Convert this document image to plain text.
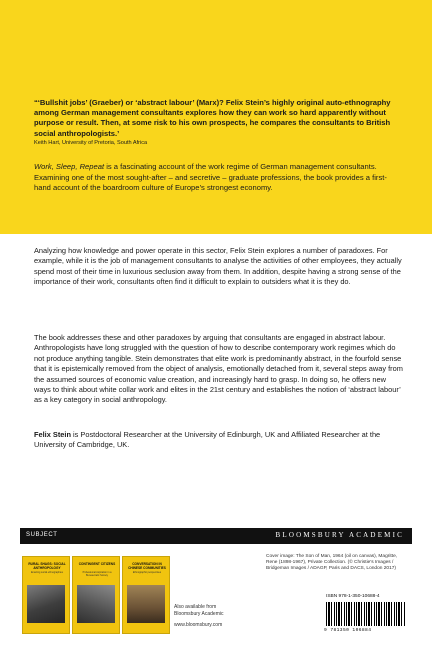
“‘Bullshit jobs’ (Graeber) or ‘abstract labour’ (Marx)? Felix Stein’s highly original auto-ethnography among German management consultants explores how they can work so hard apparently without purpose or result. Then, at some risk to his own prospects, he compares the consultants to British social anthropologists.’

Keith Hart, University of Pretoria, South Africa

Work, Sleep, Repeat is a fascinating account of the work regime of German management consultants. Examining one of the most sought-after – and secretive – graduate professions, the book provides a first-hand account of the boardroom culture of Europe’s strongest economy.

Analyzing how knowledge and power operate in this sector, Felix Stein explores a number of paradoxes. For example, while it is the job of management consultants to analyse the activities of other employees, they actually spend most of their time in luxurious seclusion away from them. In addition, despite having a strong sense of the importance of their work, consultants often find it difficult to explain to outsiders what it is they do.

The book addresses these and other paradoxes by arguing that consultants are engaged in abstract labour. Anthropologists have long struggled with the question of how to describe contemporary work regimes which do not produce anything tangible. Stein demonstrates that elite work is predominantly abstract, in the fourfold sense that it is epistemically removed from the object of analysis, emotionally detached from it, several steps away from the assumed sources of economic value creation, and increasingly hard to grasp. In doing so, he offers new ways to think about white collar work and elites in the 21st century and establishes the notion of ‘abstract labour’ as a key category in social anthropology.

Felix Stein is Postdoctoral Researcher at the University of Edinburgh, UK and Affiliated Researcher at the University of Cambridge, UK.

SUBJECT	BLOOMSBURY ACADEMIC
RURAL SHAGS: SOCIAL ANTHROPOLOGY
Enacting social ethnographies
CONTINGENT CITIZENS
Professional Aspiration in a Bureaucratic Society
CONVERSATION IN CHINESE COMMUNITIES
Ethnographic perspectives

Also available from Bloomsbury Academic

www.bloomsbury.com

Cover image: The Son of Man, 1964 (oil on canvas), Magritte, Rene (1898-1967), Private Collection. (© Christie's Images / Bridgeman Images / ADAGP, Paris and DACS, London 2017)

ISBN 978-1-350-10688-4
9 781350 106884
